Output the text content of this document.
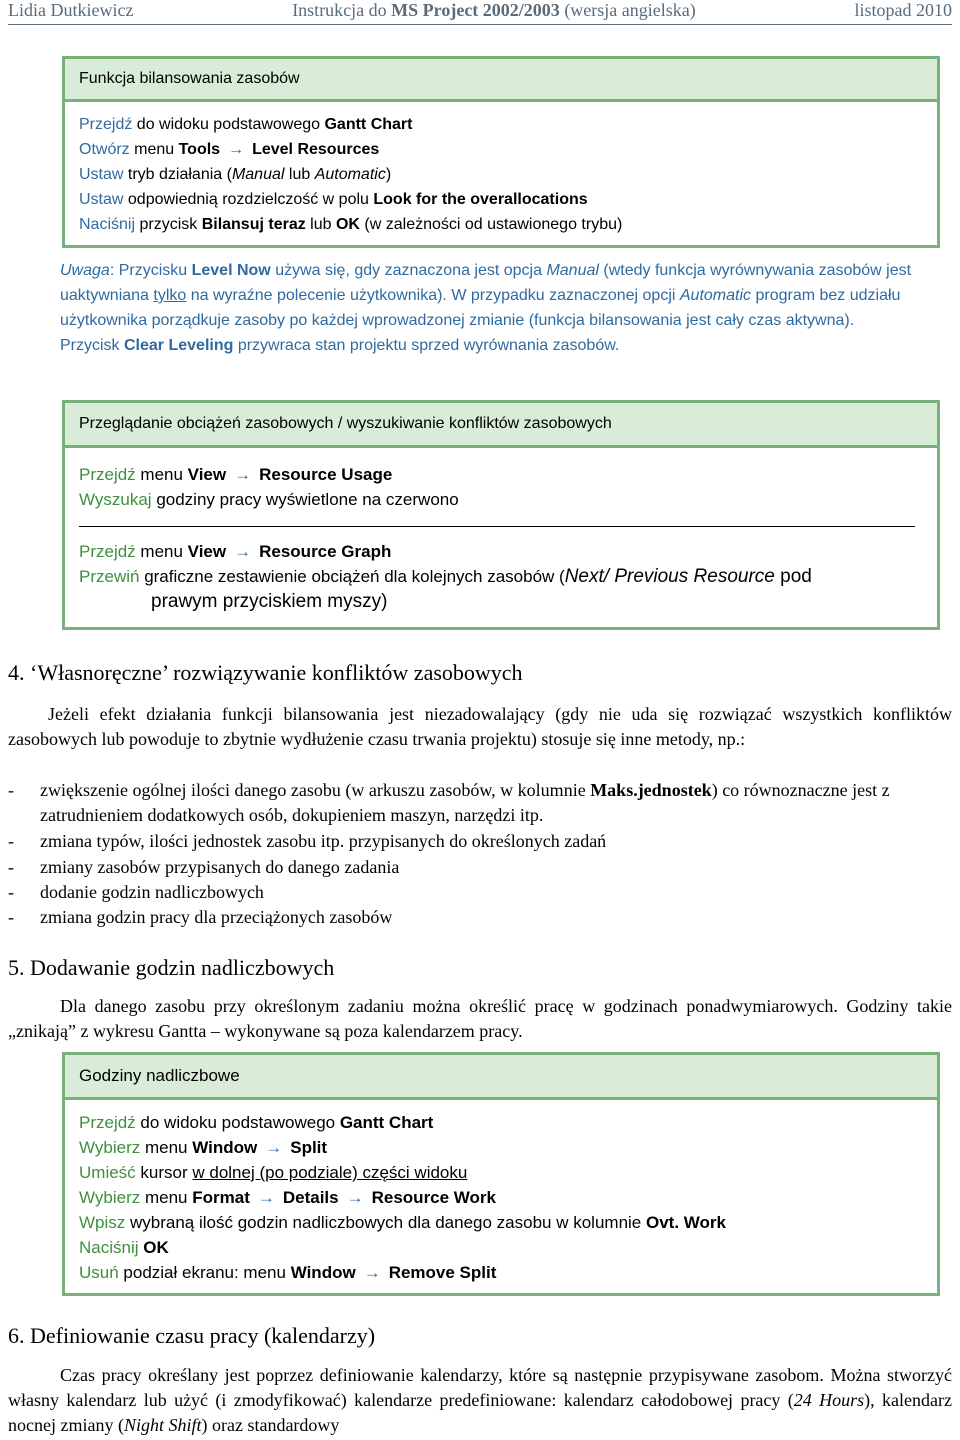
Lidia Dutkiewicz	Instrukcja do MS Project 2002/2003 (wersja angielska)	listopad 2010
Funkcja bilansowania zasobów
Przejdź do widoku podstawowego Gantt Chart
Otwórz menu Tools → Level Resources
Ustaw tryb działania (Manual lub Automatic)
Ustaw odpowiednią rozdzielczość w polu Look for the overallocations
Naciśnij przycisk Bilansuj teraz lub OK (w zależności od ustawionego trybu)
Uwaga: Przycisku Level Now używa się, gdy zaznaczona jest opcja Manual (wtedy funkcja wyrównywania zasobów jest uaktywniana tylko na wyraźne polecenie użytkownika). W przypadku zaznaczonej opcji Automatic program bez udziału użytkownika porządkuje zasoby po każdej wprowadzonej zmianie (funkcja bilansowania jest cały czas aktywna).
Przycisk Clear Leveling przywraca stan projektu sprzed wyrównania zasobów.
Przeglądanie obciążeń zasobowych / wyszukiwanie konfliktów zasobowych
Przejdź menu View → Resource Usage
Wyszukaj godziny pracy wyświetlone na czerwono
Przejdź menu View → Resource Graph
Przewiń graficzne zestawienie obciążeń dla kolejnych zasobów (Next/ Previous Resource pod
prawym przyciskiem myszy)
4. ‘Własnoręczne’ rozwiązywanie konfliktów zasobowych
Jeżeli efekt działania funkcji bilansowania jest niezadowalający (gdy nie uda się rozwiązać wszystkich konfliktów zasobowych lub powoduje to zbytnie wydłużenie czasu trwania projektu) stosuje się inne metody, np.:
- zwiększenie ogólnej ilości danego zasobu (w arkuszu zasobów, w kolumnie Maks.jednostek) co równoznaczne jest z zatrudnieniem dodatkowych osób, dokupieniem maszyn, narzędzi itp.
- zmiana typów, ilości jednostek zasobu itp. przypisanych do określonych zadań
- zmiany zasobów przypisanych do danego zadania
- dodanie godzin nadliczbowych
- zmiana godzin pracy dla przeciążonych zasobów
5. Dodawanie godzin nadliczbowych
Dla danego zasobu przy określonym zadaniu można określić pracę w godzinach ponadwymiarowych. Godziny takie „znikają” z wykresu Gantta – wykonywane są poza kalendarzem pracy.
Godziny nadliczbowe
Przejdź do widoku podstawowego Gantt Chart
Wybierz menu Window → Split
Umieść kursor w dolnej (po podziale) części widoku
Wybierz menu Format → Details → Resource Work
Wpisz wybraną ilość godzin nadliczbowych dla danego zasobu w kolumnie Ovt. Work
Naciśnij OK
Usuń podział ekranu: menu Window → Remove Split
6. Definiowanie czasu pracy (kalendarzy)
Czas pracy określany jest poprzez definiowanie kalendarzy, które są następnie przypisywane zasobom. Można stworzyć własny kalendarz lub użyć (i zmodyfikować) kalendarze predefiniowane: kalendarz całodobowej pracy (24 Hours), kalendarz nocnej zmiany (Night Shift) oraz standardowy
